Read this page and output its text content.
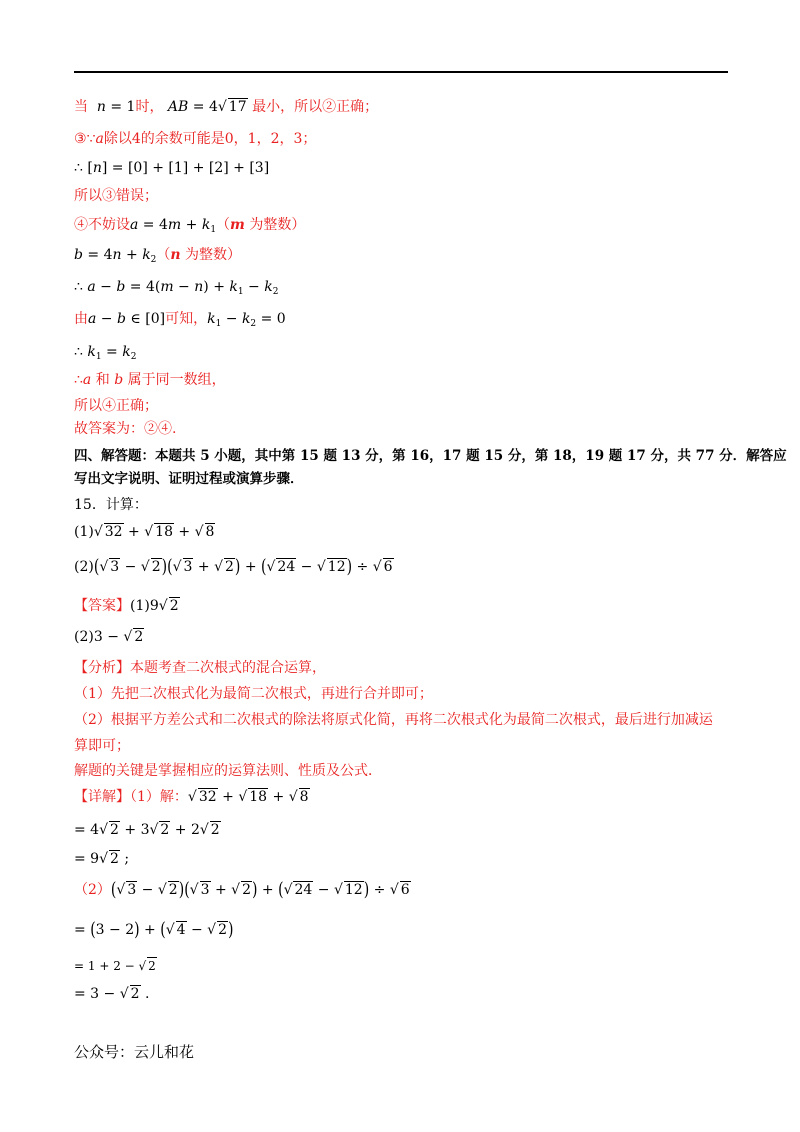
当  n = 1时， AB = 4√ 17 最小，所以②正确；
③∵a除以4的余数可能是0，1，2，3；
∴ [n] = [0] + [1] + [2] + [3]
所以③错误；
④不妨设$a = 4m + k_1(m$ 为整数）
$b = 4n + k_2(n$ 为整数）
∴ $a - b = 4(m - n) + k_1 - k_2$
由a − b ∈ [0]可知，$k_1 - k_2 = 0$
∴ $k_1 = k_2$
∴a 和 b 属于同一数组，
所以④正确；
故答案为：②④.
四、解答题：本题共 5 小题，其中第 15 题 13 分，第 16，17 题 15 分，第 18，19 题 17 分，共 77 分．解答应
写出文字说明、证明过程或演算步骤．
15．计算：
(1)√ 32 + √ 18 + √ 8
(2)(√ 3 − √ 2)(√ 3 + √ 2) + (√ 24 − √ 12) ÷ √ 6
【答案】(1)9√ 2
(2)3 − √ 2
【分析】本题考查二次根式的混合运算，
（1）先把二次根式化为最简二次根式，再进行合并即可；
（2）根据平方差公式和二次根式的除法将原式化简，再将二次根式化为最简二次根式，最后进行加减运
算即可；
解题的关键是掌握相应的运算法则、性质及公式．
【详解】（1）解：√ 32 + √ 18 + √ 8
= 4√ 2 + 3√ 2 + 2√ 2
= 9√ 2 ;
（2）(√ 3 − √ 2)(√ 3 + √ 2) + (√ 24 − √ 12) ÷ √ 6
= (3 − 2) + (√ 4 − √ 2)
= 1 + 2 − √ 2
= 3 − √ 2 .
公众号：云儿和花
